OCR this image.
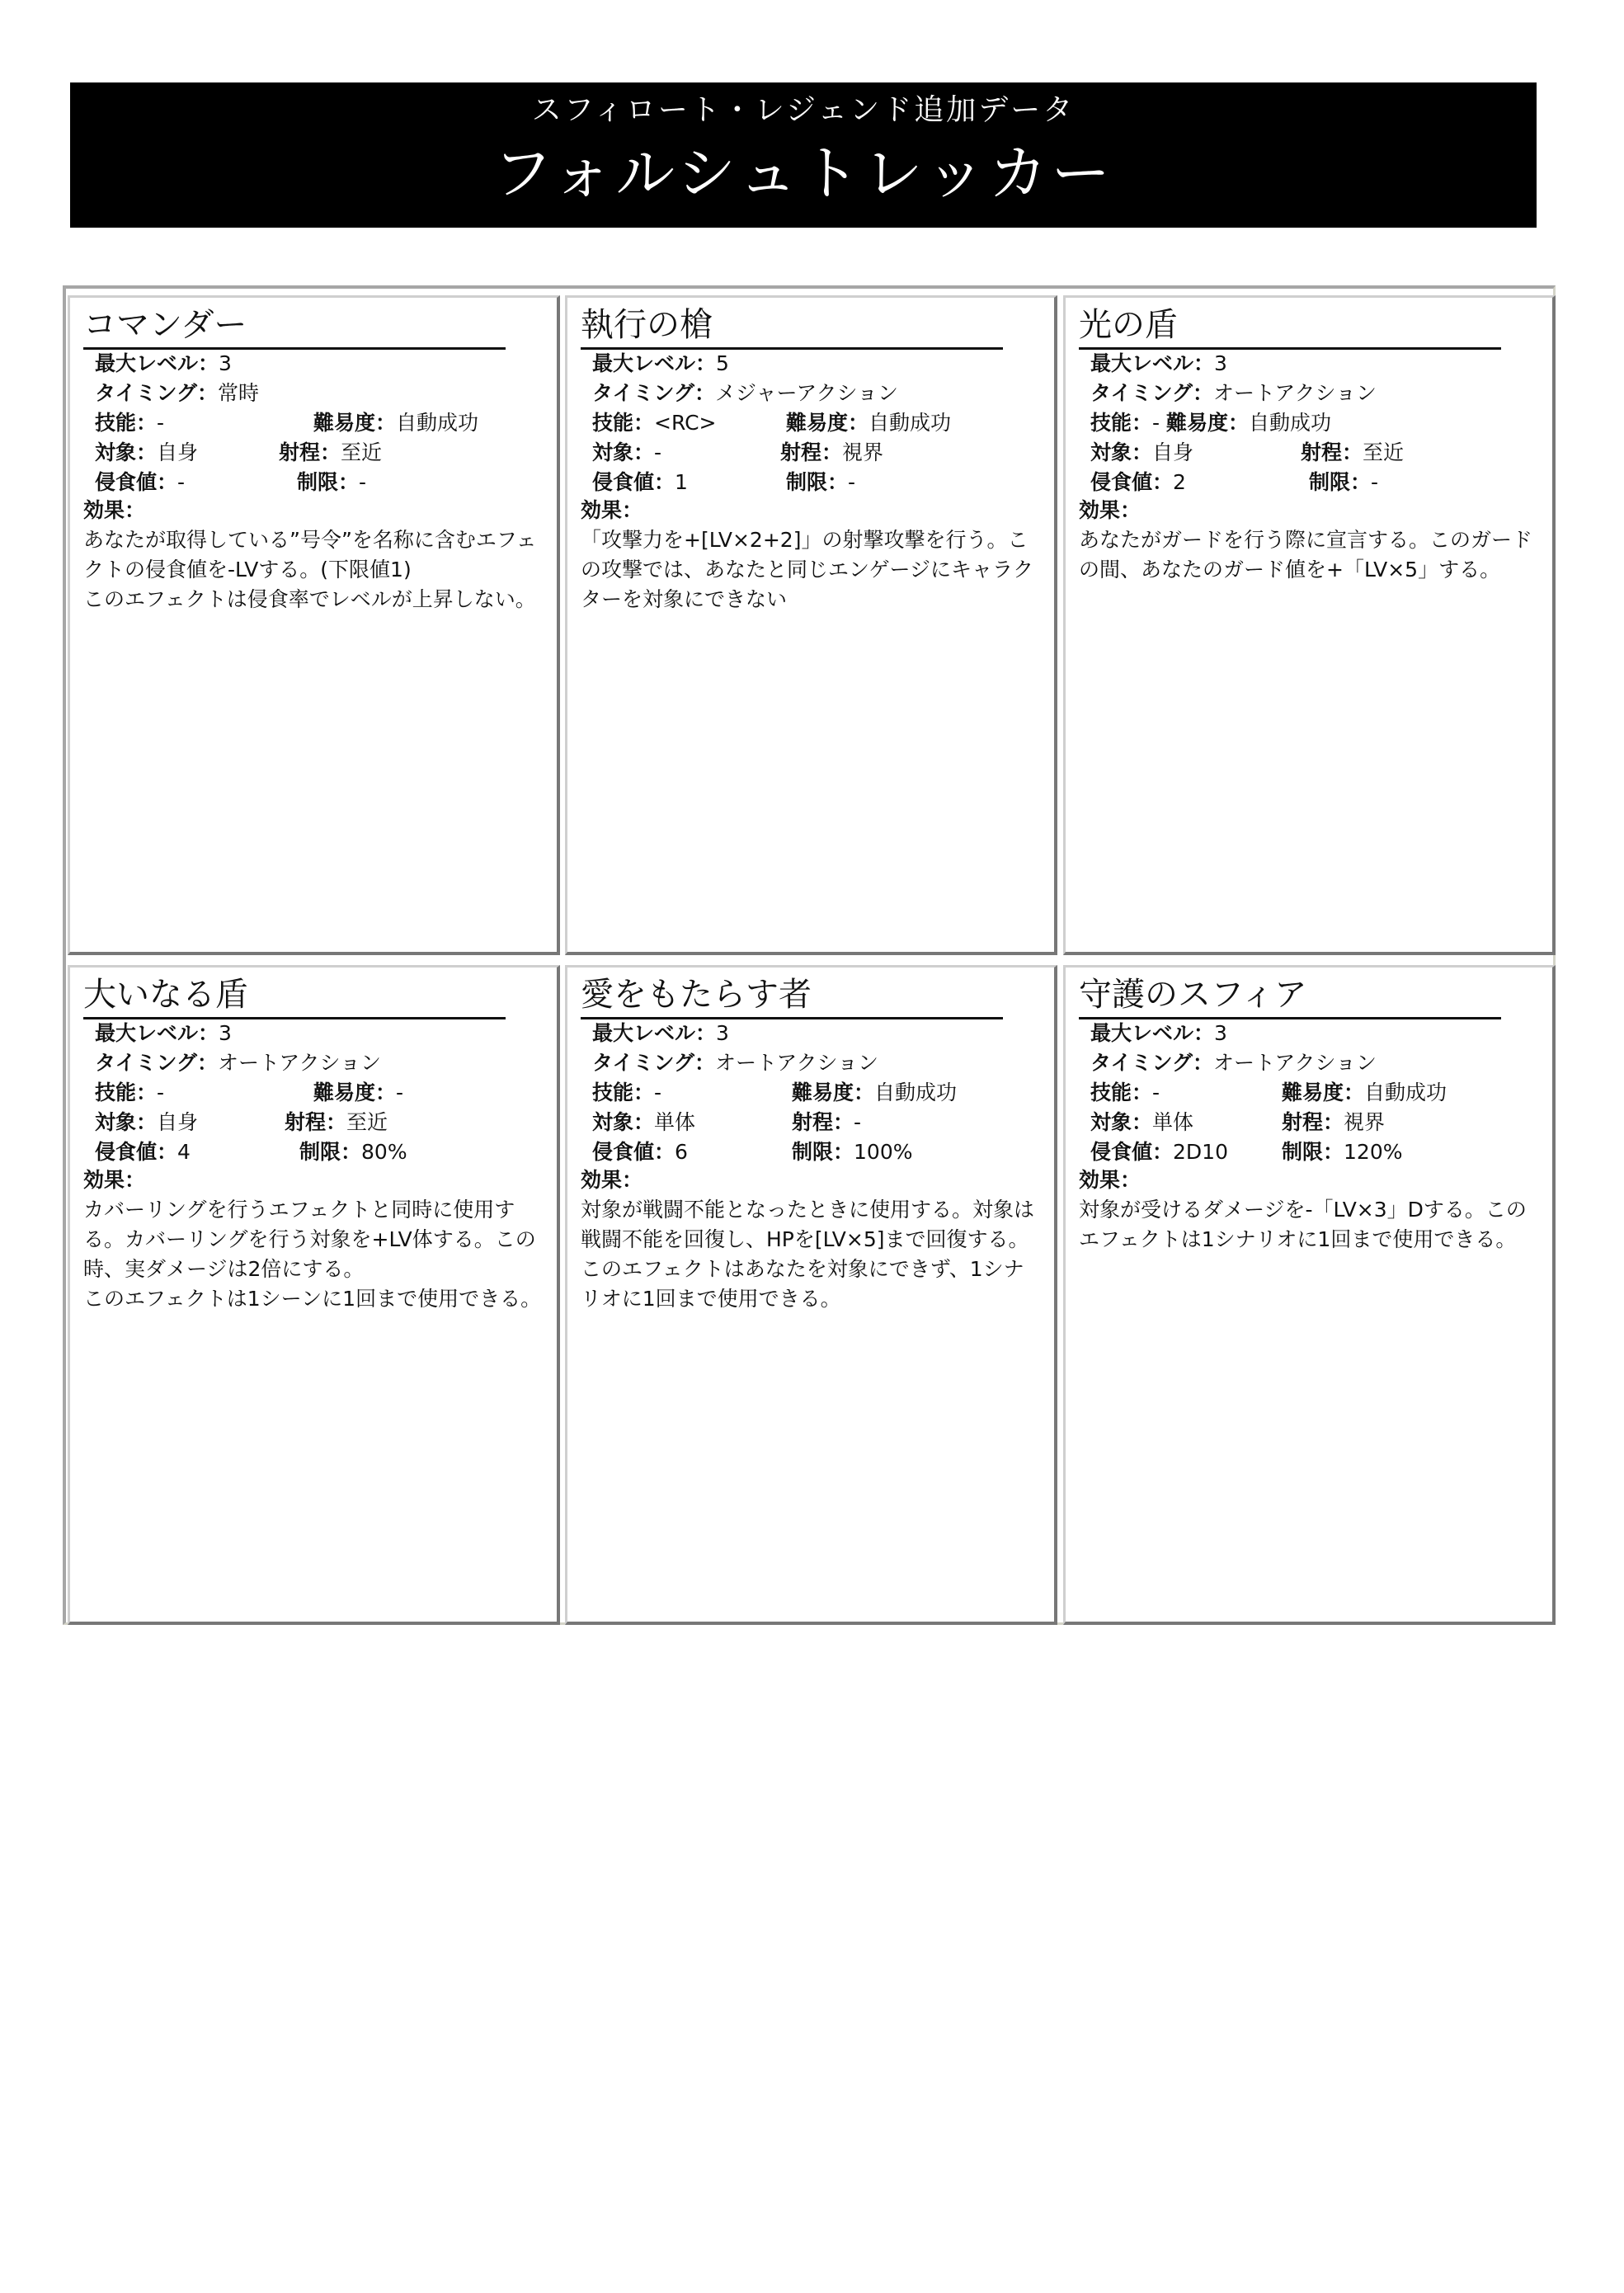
スフィロート・レジェンド追加データ
フォルシュトレッカー
コマンダー
最大レベル：3
タイミング：常時
技能：-	難易度：自動成功
対象：自身	射程：至近
侵食値：-	制限：-
効果：
あなたが取得している”号令”を名称に含むエフェクトの侵食値を-LVする。(下限値1)
このエフェクトは侵食率でレベルが上昇しない。
執行の槍
最大レベル：5
タイミング：メジャーアクション
技能：<RC>	難易度：自動成功
対象：-	射程：視界
侵食値：1	制限：-
効果：
「攻撃力を+[LV×2+2]」の射撃攻撃を行う。この攻撃では、あなたと同じエンゲージにキャラクターを対象にできない
光の盾
最大レベル：3
タイミング：オートアクション
技能：- 難易度：自動成功
対象：自身	射程：至近
侵食値：2	制限：-
効果：
あなたがガードを行う際に宣言する。このガードの間、あなたのガード値を+「LV×5」する。
大いなる盾
最大レベル：3
タイミング：オートアクション
技能：-	難易度：-
対象：自身	射程：至近
侵食値：4	制限：80%
効果：
カバーリングを行うエフェクトと同時に使用する。カバーリングを行う対象を+LV体する。この時、実ダメージは2倍にする。
このエフェクトは1シーンに1回まで使用できる。
愛をもたらす者
最大レベル：3
タイミング：オートアクション
技能：-	難易度：自動成功
対象：単体	射程：-
侵食値：6	制限：100%
効果：
対象が戦闘不能となったときに使用する。対象は戦闘不能を回復し、HPを[LV×5]まで回復する。このエフェクトはあなたを対象にできず、1シナリオに1回まで使用できる。
守護のスフィア
最大レベル：3
タイミング：オートアクション
技能：-	難易度：自動成功
対象：単体	射程：視界
侵食値：2D10	制限：120%
効果：
対象が受けるダメージを-「LV×3」Dする。このエフェクトは1シナリオに1回まで使用できる。
